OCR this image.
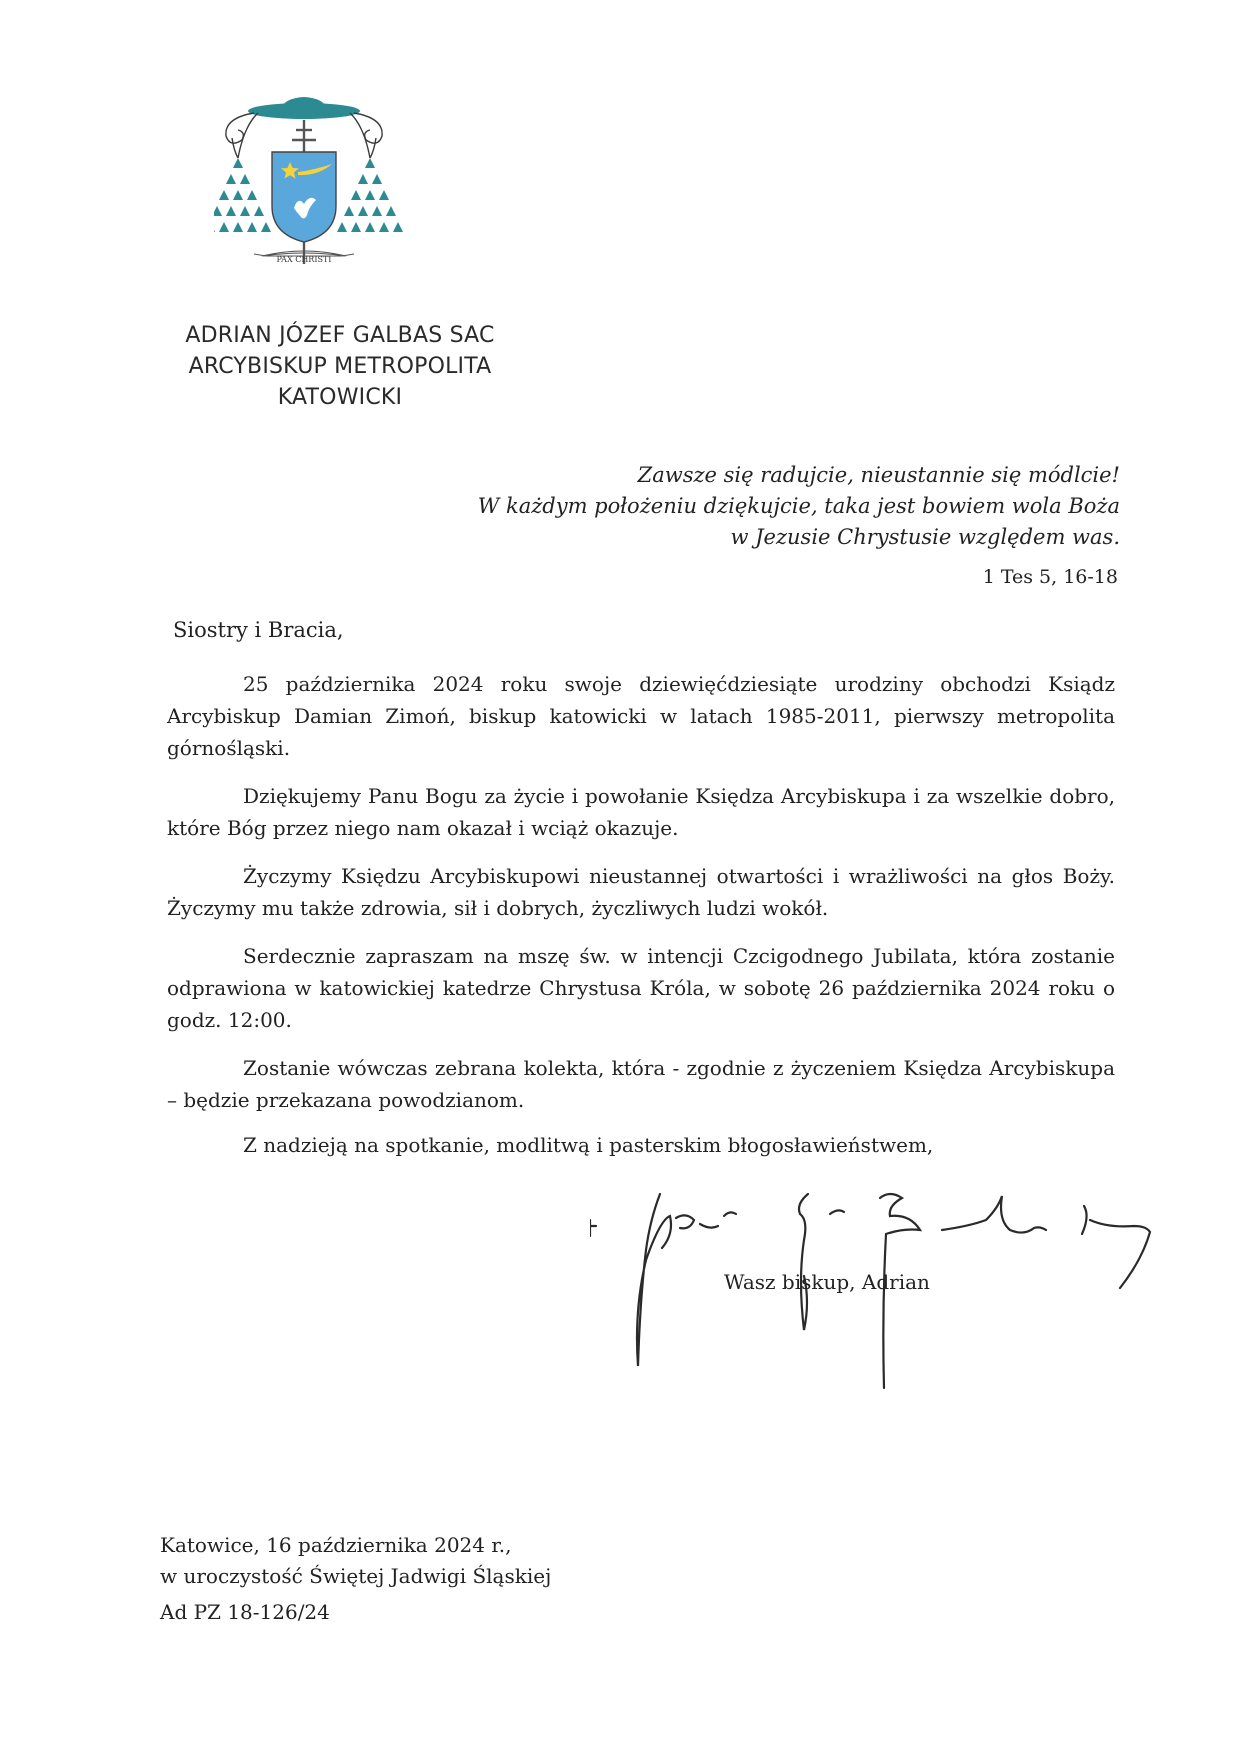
PAX CHRISTI
ADRIAN JÓZEF GALBAS SAC
ARCYBISKUP METROPOLITA
KATOWICKI
Zawsze się radujcie, nieustannie się módlcie!
W każdym położeniu dziękujcie, taka jest bowiem wola Boża
w Jezusie Chrystusie względem was.
1 Tes 5, 16-18
Siostry i Bracia,

25 października 2024 roku swoje dziewięćdziesiąte urodziny obchodzi Ksiądz Arcybiskup Damian Zimoń, biskup katowicki w latach 1985-2011, pierwszy metropolita górnośląski.

Dziękujemy Panu Bogu za życie i powołanie Księdza Arcybiskupa i za wszelkie dobro, które Bóg przez niego nam okazał i wciąż okazuje.

Życzymy Księdzu Arcybiskupowi nieustannej otwartości i wrażliwości na głos Boży. Życzymy mu także zdrowia, sił i dobrych, życzliwych ludzi wokół.

Serdecznie zapraszam na mszę św. w intencji Czcigodnego Jubilata, która zostanie odprawiona w katowickiej katedrze Chrystusa Króla, w sobotę 26 października 2024 roku o godz. 12:00.

Zostanie wówczas zebrana kolekta, która - zgodnie z życzeniem Księdza Arcybiskupa – będzie przekazana powodzianom.

Z nadzieją na spotkanie, modlitwą i pasterskim błogosławieństwem,
Wasz biskup, Adrian
Katowice, 16 października 2024 r.,
w uroczystość Świętej Jadwigi Śląskiej
Ad PZ 18-126/24
